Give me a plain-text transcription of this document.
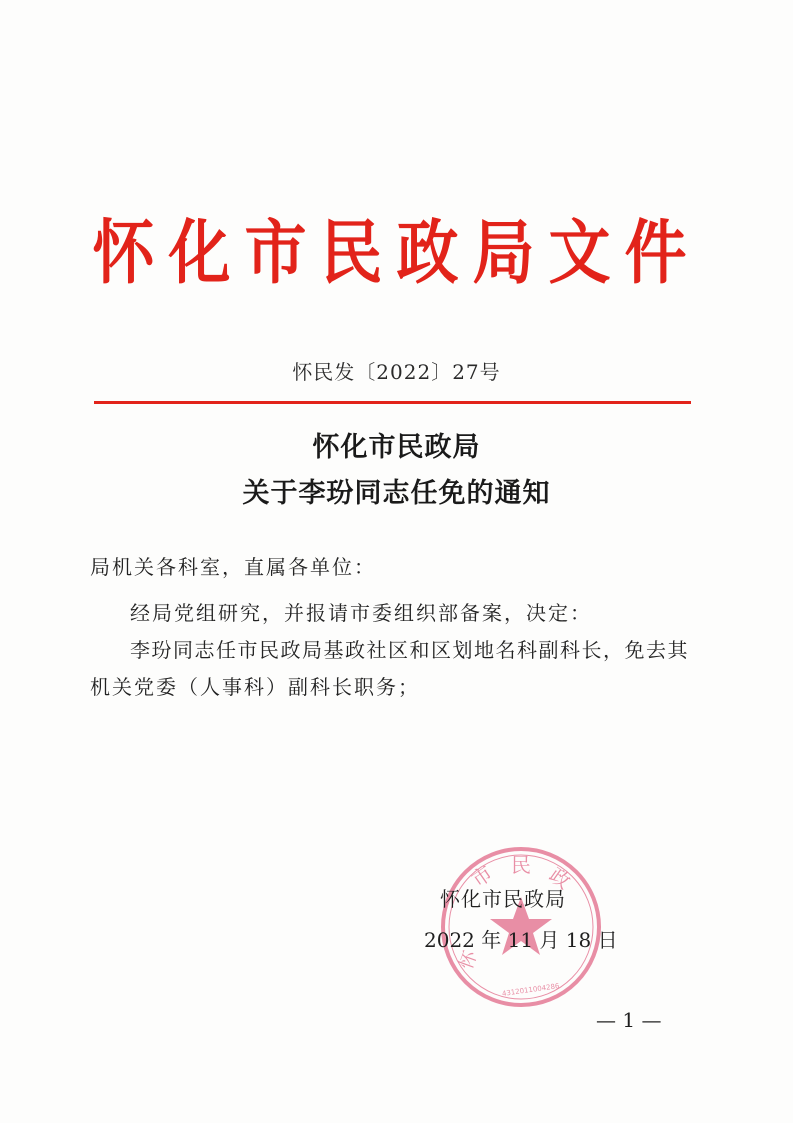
怀化市民政局文件
怀民发〔2022〕27号
怀化市民政局
关于李玢同志任免的通知
局机关各科室，直属各单位：
经局党组研究，并报请市委组织部备案，决定：
李玢同志任市民政局基政社区和区划地名科副科长，免去其
机关党委（人事科）副科长职务；
民
市 政
怀
4312011004286
怀化市民政局
2022 年 11 月 18 日
— 1 —
